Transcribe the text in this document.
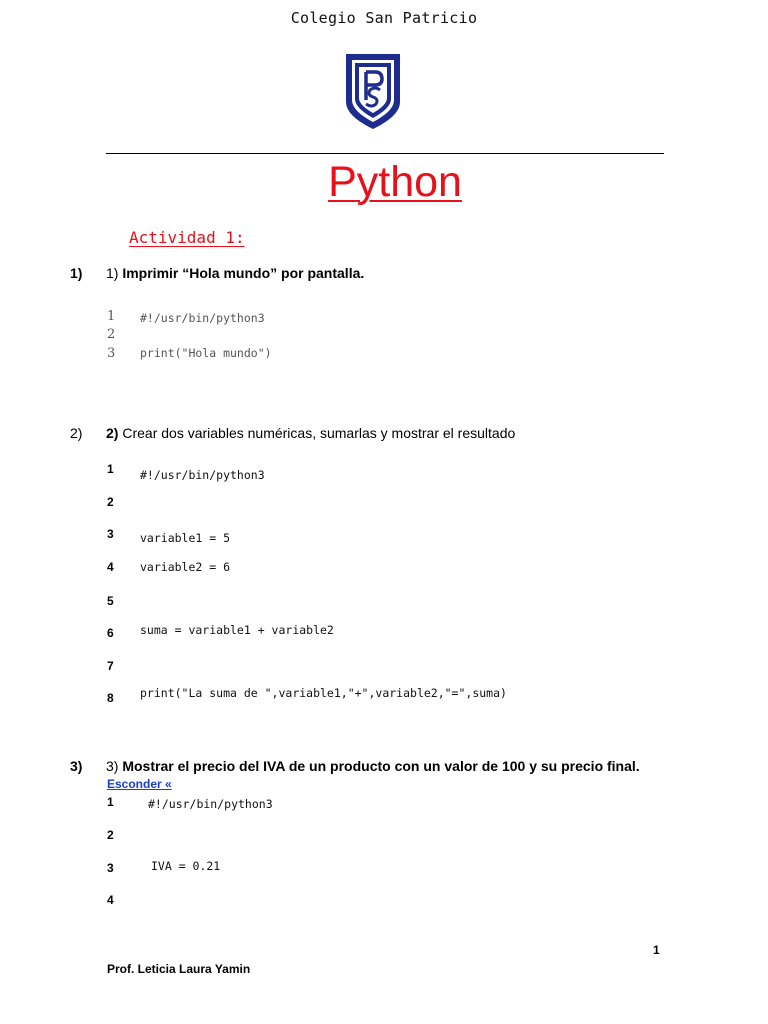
Colegio San Patricio
Python
Actividad 1:
1) 1) Imprimir “Hola mundo” por pantalla.
1 #!/usr/bin/python3
2
3 print("Hola mundo")
2) 2) Crear dos variables numéricas, sumarlas y mostrar el resultado
1 #!/usr/bin/python3
2
3 variable1 = 5
4 variable2 = 6
5
6 suma = variable1 + variable2
7
8 print("La suma de ",variable1,"+",variable2,"=",suma)
3) 3) Mostrar el precio del IVA de un producto con un valor de 100 y su precio final.
Esconder «
1	#!/usr/bin/python3
2
3	IVA = 0.21
4
1
Prof. Leticia Laura Yamin
